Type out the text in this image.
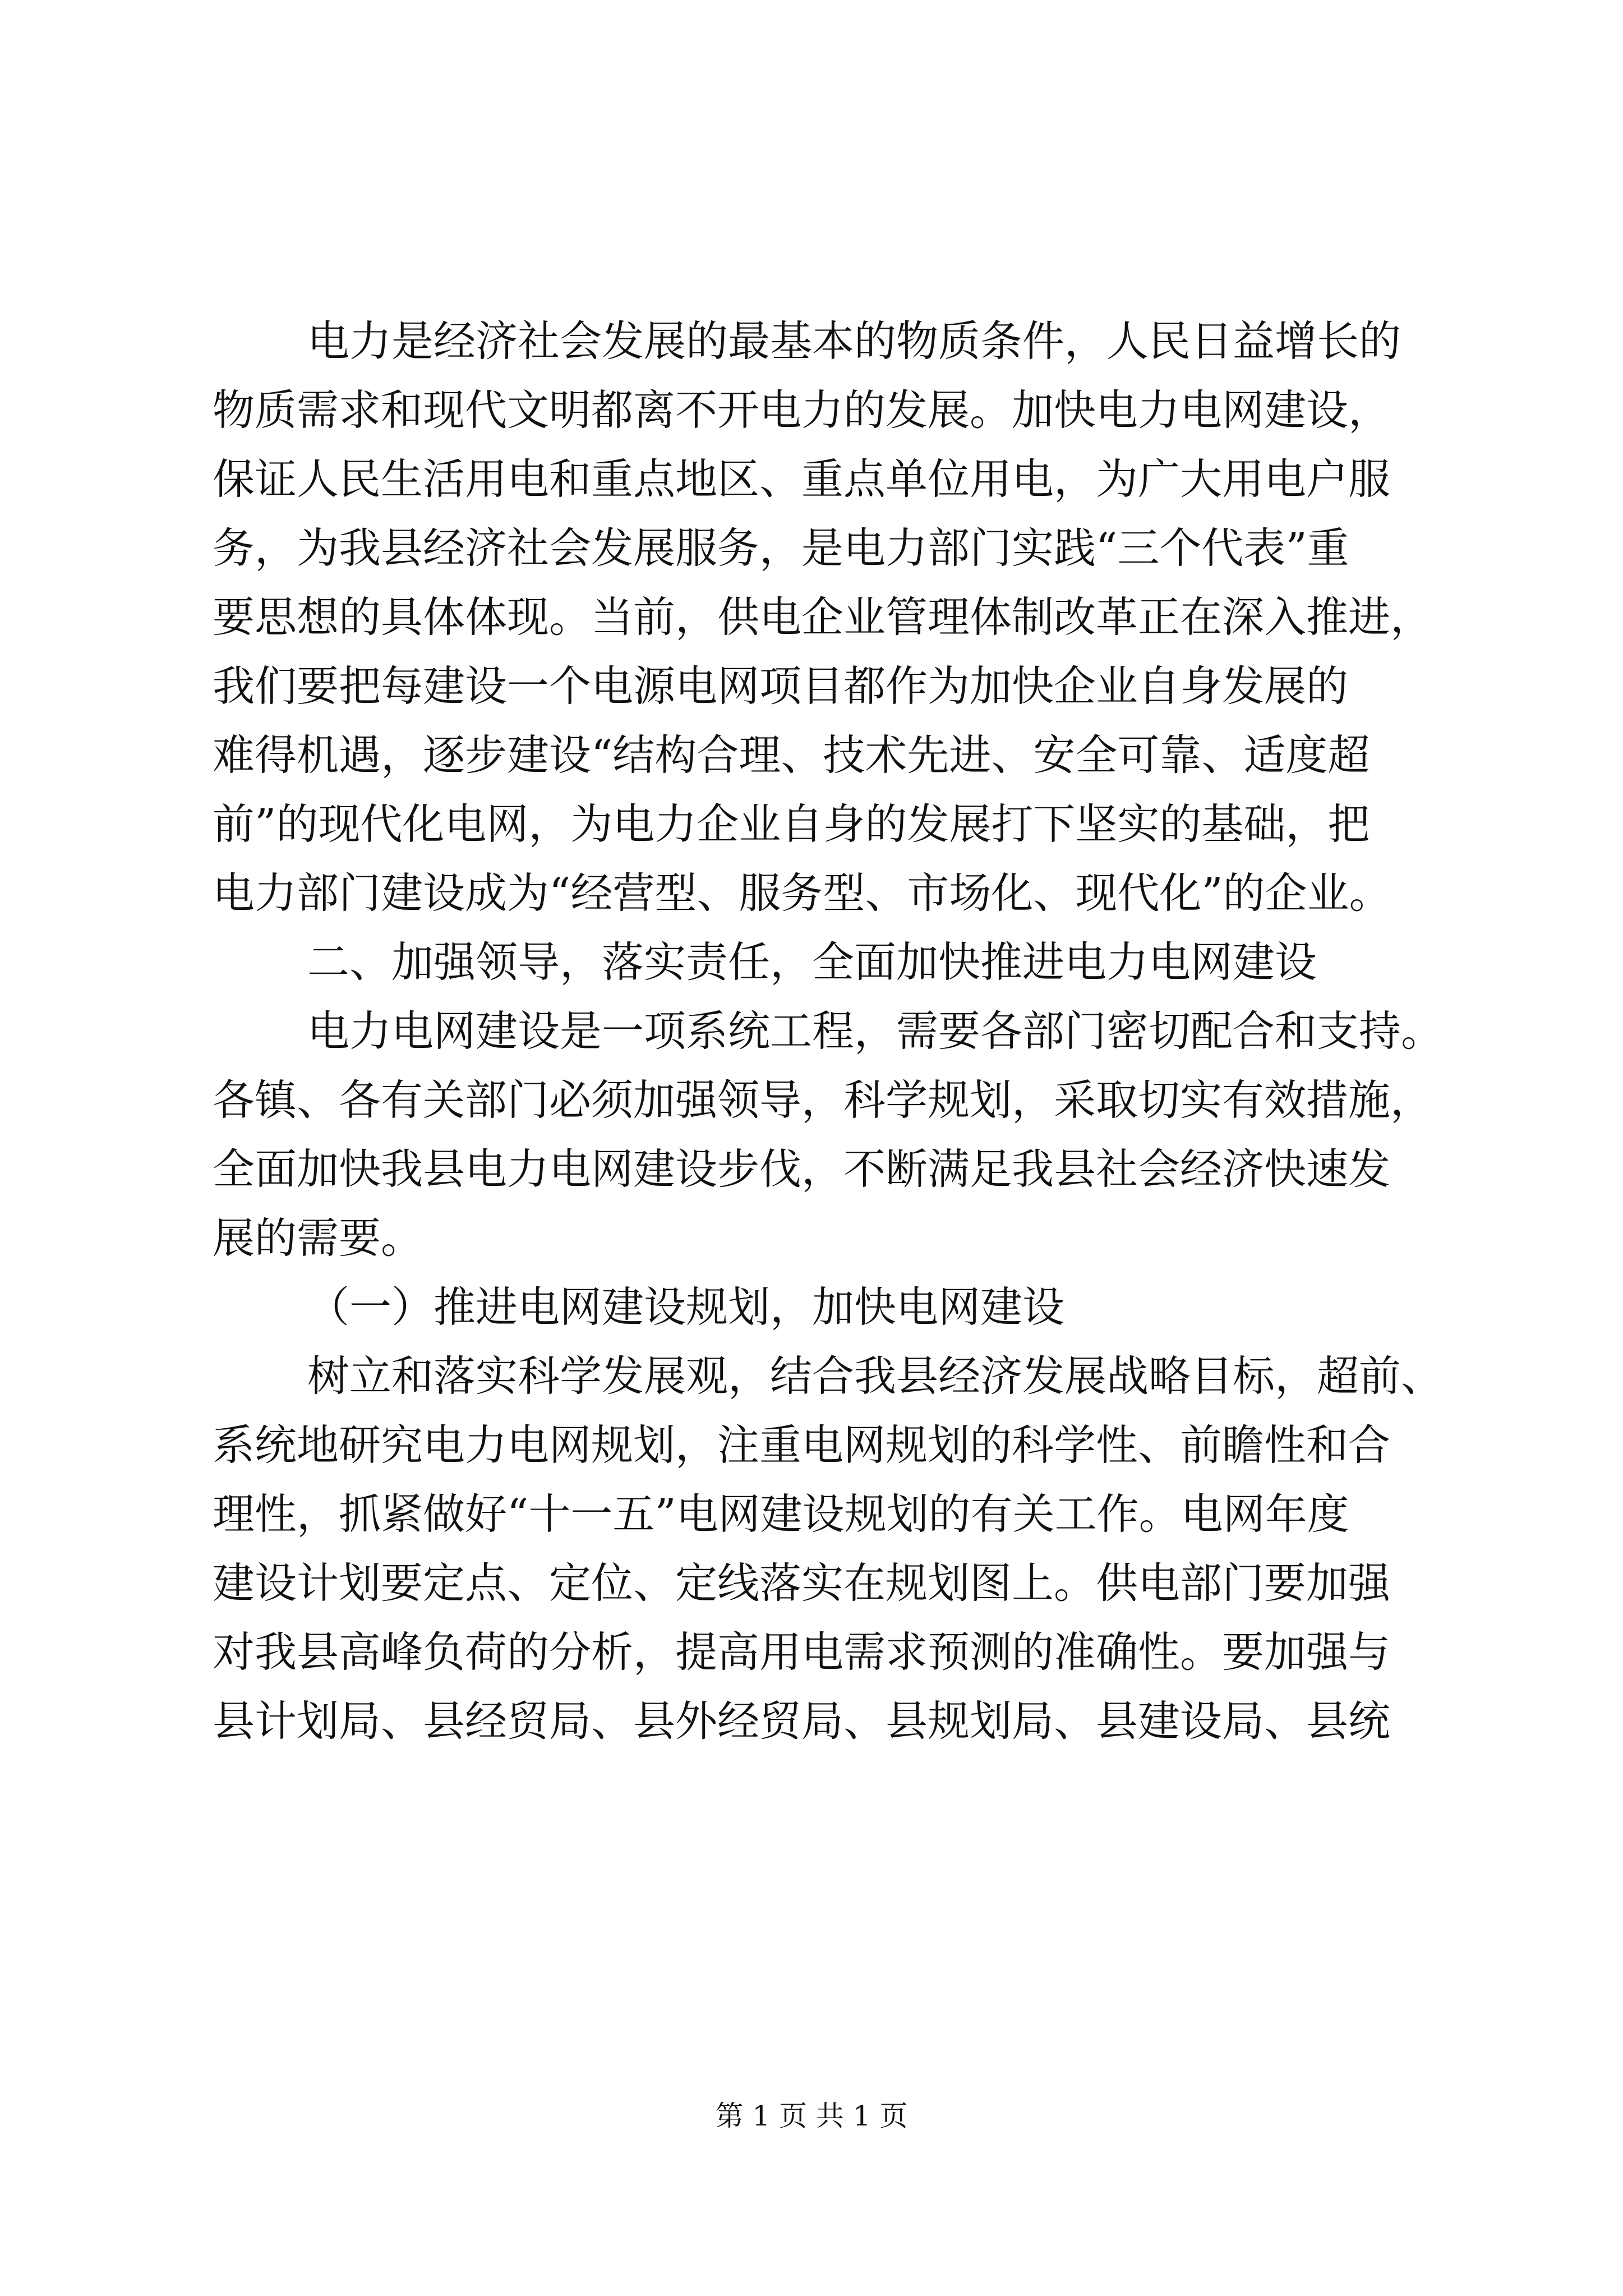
电力是经济社会发展的最基本的物质条件，人民日益增长的
物质需求和现代文明都离不开电力的发展。加快电力电网建设，
保证人民生活用电和重点地区、重点单位用电，为广大用电户服
务，为我县经济社会发展服务，是电力部门实践“三个代表”重
要思想的具体体现。当前，供电企业管理体制改革正在深入推进，
我们要把每建设一个电源电网项目都作为加快企业自身发展的
难得机遇，逐步建设“结构合理、技术先进、安全可靠、适度超
前”的现代化电网，为电力企业自身的发展打下坚实的基础，把
电力部门建设成为“经营型、服务型、市场化、现代化”的企业。
二、加强领导，落实责任，全面加快推进电力电网建设
电力电网建设是一项系统工程，需要各部门密切配合和支持。
各镇、各有关部门必须加强领导，科学规划，采取切实有效措施，
全面加快我县电力电网建设步伐，不断满足我县社会经济快速发
展的需要。
（一）推进电网建设规划，加快电网建设
树立和落实科学发展观，结合我县经济发展战略目标，超前、
系统地研究电力电网规划，注重电网规划的科学性、前瞻性和合
理性，抓紧做好“十一五”电网建设规划的有关工作。电网年度
建设计划要定点、定位、定线落实在规划图上。供电部门要加强
对我县高峰负荷的分析，提高用电需求预测的准确性。要加强与
县计划局、县经贸局、县外经贸局、县规划局、县建设局、县统
第 1 页 共 1 页
